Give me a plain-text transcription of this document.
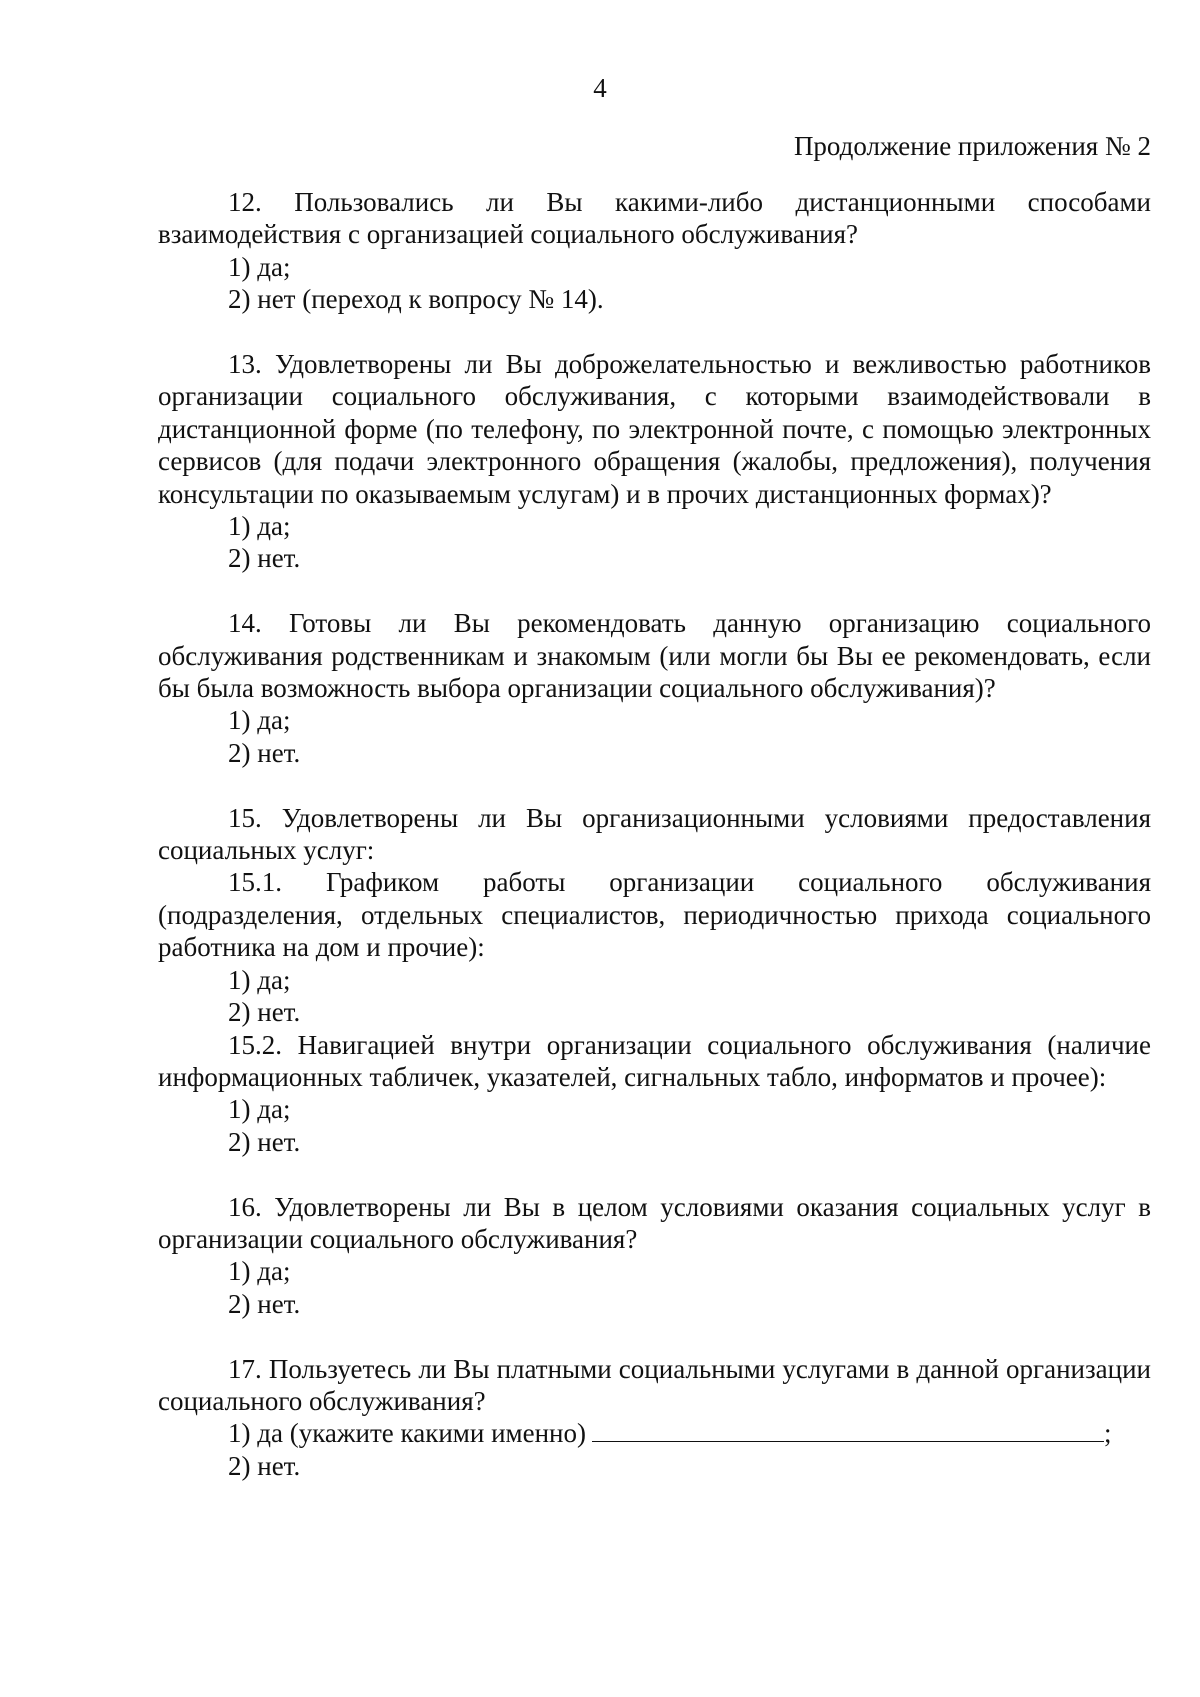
4
Продолжение приложения № 2

12. Пользовались ли Вы какими-либо дистанционными способами взаимодействия с организацией социального обслуживания?

1) да;

2) нет (переход к вопросу № 14).

13. Удовлетворены ли Вы доброжелательностью и вежливостью работников организации социального обслуживания, с которыми взаимодействовали в дистанционной форме (по телефону, по электронной почте, с помощью электронных сервисов (для подачи электронного обращения (жалобы, предложения), получения консультации по оказываемым услугам) и в прочих дистанционных формах)?

1) да;

2) нет.

14. Готовы ли Вы рекомендовать данную организацию социального обслуживания родственникам и знакомым (или могли бы Вы ее рекомендовать, если бы была возможность выбора организации социального обслуживания)?

1) да;

2) нет.

15. Удовлетворены ли Вы организационными условиями предоставления социальных услуг:

15.1. Графиком работы организации социального обслуживания (подразделения, отдельных специалистов, периодичностью прихода социального работника на дом и прочие):

1) да;

2) нет.

15.2. Навигацией внутри организации социального обслуживания (наличие информационных табличек, указателей, сигнальных табло, информатов и прочее):

1) да;

2) нет.

16. Удовлетворены ли Вы в целом условиями оказания социальных услуг в организации социального обслуживания?

1) да;

2) нет.

17. Пользуетесь ли Вы платными социальными услугами в данной организации социального обслуживания?

1) да (укажите какими именно)	;

2) нет.
